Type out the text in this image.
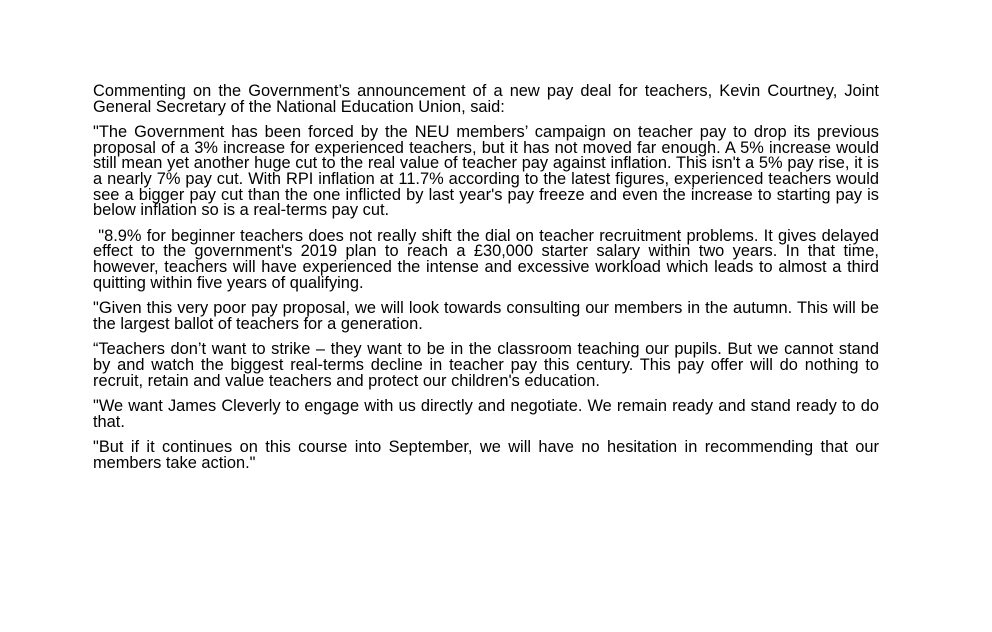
Commenting on the Government’s announcement of a new pay deal for teachers, Kevin Courtney, Joint General Secretary of the National Education Union, said:

"The Government has been forced by the NEU members’ campaign on teacher pay to drop its previous proposal of a 3% increase for experienced teachers, but it has not moved far enough. A 5% increase would still mean yet another huge cut to the real value of teacher pay against inflation. This isn't a 5% pay rise, it is a nearly 7% pay cut. With RPI inflation at 11.7% according to the latest figures, experienced teachers would see a bigger pay cut than the one inflicted by last year's pay freeze and even the increase to starting pay is below inflation so is a real-terms pay cut.

"8.9% for beginner teachers does not really shift the dial on teacher recruitment problems. It gives delayed effect to the government's 2019 plan to reach a £30,000 starter salary within two years. In that time, however, teachers will have experienced the intense and excessive workload which leads to almost a third quitting within five years of qualifying.

"Given this very poor pay proposal, we will look towards consulting our members in the autumn. This will be the largest ballot of teachers for a generation.

“Teachers don’t want to strike – they want to be in the classroom teaching our pupils. But we cannot stand by and watch the biggest real-terms decline in teacher pay this century. This pay offer will do nothing to recruit, retain and value teachers and protect our children's education.

"We want James Cleverly to engage with us directly and negotiate. We remain ready and stand ready to do that.

"But if it continues on this course into September, we will have no hesitation in recommending that our members take action."
